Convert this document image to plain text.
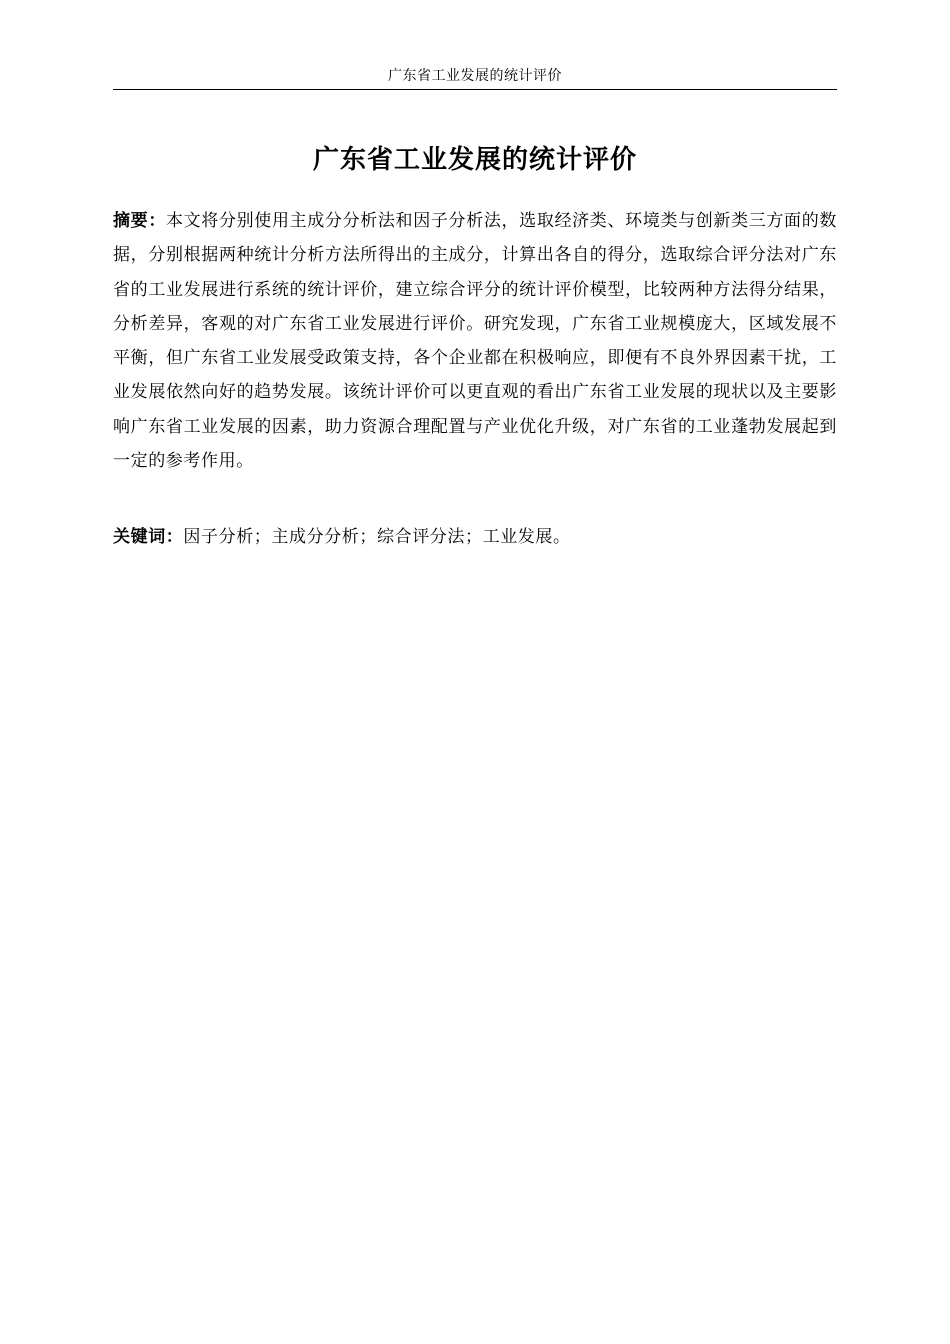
广东省工业发展的统计评价
广东省工业发展的统计评价
摘要：本文将分别使用主成分分析法和因子分析法，选取经济类、环境类与创新类三方面的数据，分别根据两种统计分析方法所得出的主成分，计算出各自的得分，选取综合评分法对广东省的工业发展进行系统的统计评价，建立综合评分的统计评价模型，比较两种方法得分结果，分析差异，客观的对广东省工业发展进行评价。研究发现，广东省工业规模庞大，区域发展不平衡，但广东省工业发展受政策支持，各个企业都在积极响应，即便有不良外界因素干扰，工业发展依然向好的趋势发展。该统计评价可以更直观的看出广东省工业发展的现状以及主要影响广东省工业发展的因素，助力资源合理配置与产业优化升级，对广东省的工业蓬勃发展起到一定的参考作用。
关键词：因子分析；主成分分析；综合评分法；工业发展。
